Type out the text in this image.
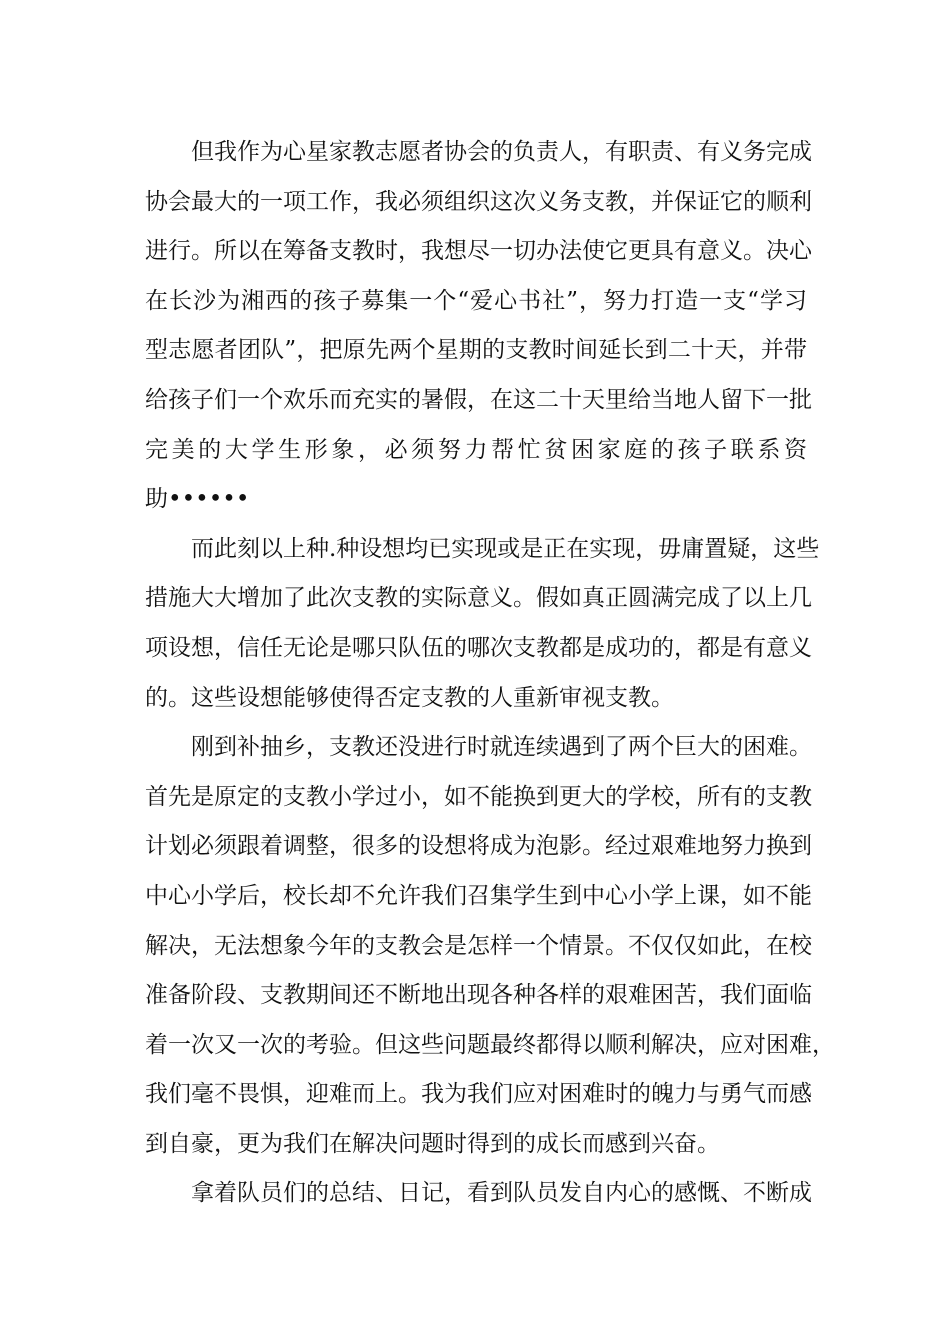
但我作为心星家教志愿者协会的负责人，有职责、有义务完成
协会最大的一项工作，我必须组织这次义务支教，并保证它的顺利
进行。所以在筹备支教时，我想尽一切办法使它更具有意义。决心
在长沙为湘西的孩子募集一个“爱心书社”，努力打造一支“学习
型志愿者团队”，把原先两个星期的支教时间延长到二十天，并带
给孩子们一个欢乐而充实的暑假，在这二十天里给当地人留下一批
完美的大学生形象，必须努力帮忙贫困家庭的孩子联系资
助••••••
而此刻以上种.种设想均已实现或是正在实现，毋庸置疑，这些
措施大大增加了此次支教的实际意义。假如真正圆满完成了以上几
项设想，信任无论是哪只队伍的哪次支教都是成功的，都是有意义
的。这些设想能够使得否定支教的人重新审视支教。
刚到补抽乡，支教还没进行时就连续遇到了两个巨大的困难。
首先是原定的支教小学过小，如不能换到更大的学校，所有的支教
计划必须跟着调整，很多的设想将成为泡影。经过艰难地努力换到
中心小学后，校长却不允许我们召集学生到中心小学上课，如不能
解决，无法想象今年的支教会是怎样一个情景。不仅仅如此，在校
准备阶段、支教期间还不断地出现各种各样的艰难困苦，我们面临
着一次又一次的考验。但这些问题最终都得以顺利解决，应对困难，
我们毫不畏惧，迎难而上。我为我们应对困难时的魄力与勇气而感
到自豪，更为我们在解决问题时得到的成长而感到兴奋。
拿着队员们的总结、日记，看到队员发自内心的感慨、不断成
